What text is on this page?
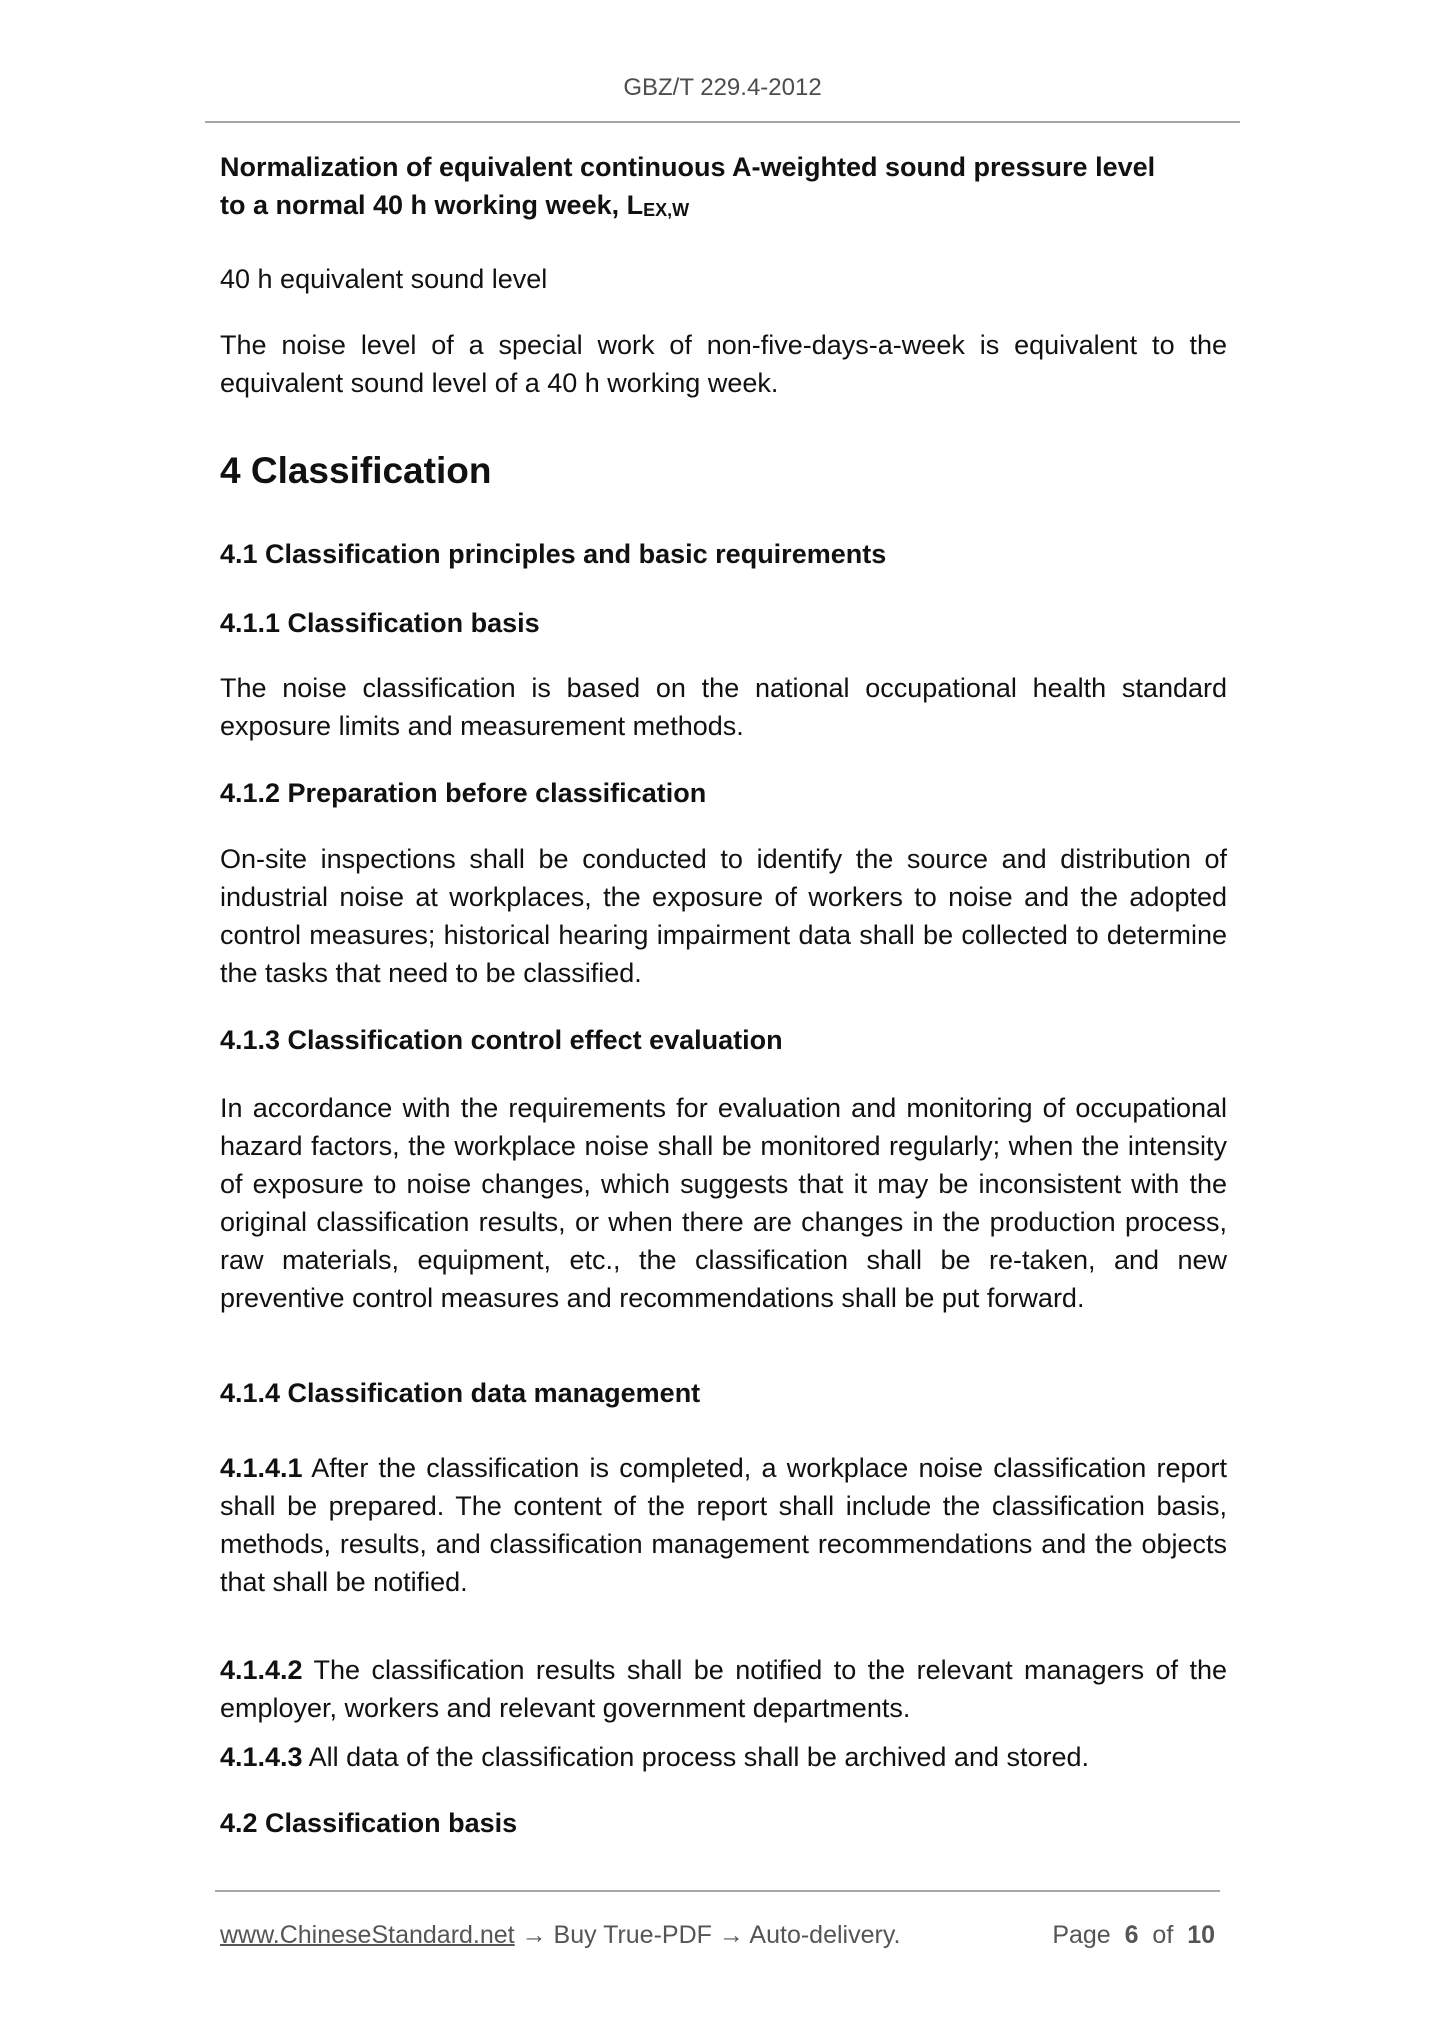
GBZ/T 229.4-2012

Normalization of equivalent continuous A-weighted sound pressure level
to a normal 40 h working week, $L_{EX,W}$

40 h equivalent sound level

The noise level of a special work of non-five-days-a-week is equivalent to the equivalent sound level of a 40 h working week.

4 Classification
4.1 Classification principles and basic requirements
4.1.1 Classification basis

The noise classification is based on the national occupational health standard exposure limits and measurement methods.

4.1.2 Preparation before classification

On-site inspections shall be conducted to identify the source and distribution of industrial noise at workplaces, the exposure of workers to noise and the adopted control measures; historical hearing impairment data shall be collected to determine the tasks that need to be classified.

4.1.3 Classification control effect evaluation

In accordance with the requirements for evaluation and monitoring of occupational hazard factors, the workplace noise shall be monitored regularly; when the intensity of exposure to noise changes, which suggests that it may be inconsistent with the original classification results, or when there are changes in the production process, raw materials, equipment, etc., the classification shall be re-taken, and new preventive control measures and recommendations shall be put forward.

4.1.4 Classification data management

4.1.4.1 After the classification is completed, a workplace noise classification report shall be prepared. The content of the report shall include the classification basis, methods, results, and classification management recommendations and the objects that shall be notified.

4.1.4.2 The classification results shall be notified to the relevant managers of the employer, workers and relevant government departments.

4.1.4.3 All data of the classification process shall be archived and stored.

4.2 Classification basis
www.ChineseStandard.net → Buy True-PDF → Auto-delivery.	Page 6 of 10
